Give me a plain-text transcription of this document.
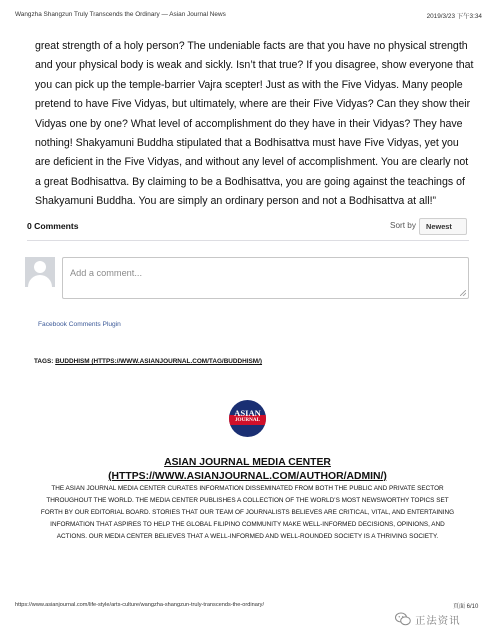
Wangzha Shangzun Truly Transcends the Ordinary — Asian Journal News	2019/3/23 下午3:34

great strength of a holy person? The undeniable facts are that you have no physical strength and your physical body is weak and sickly. Isn’t that true? If you disagree, show everyone that you can pick up the temple-barrier Vajra scepter! Just as with the Five Vidyas. Many people pretend to have Five Vidyas, but ultimately, where are their Five Vidyas? Can they show their Vidyas one by one? What level of accomplishment do they have in their Vidyas? They have nothing! Shakyamuni Buddha stipulated that a Bodhisattva must have Five Vidyas, yet you are deficient in the Five Vidyas, and without any level of accomplishment. You are clearly not a great Bodhisattva. By claiming to be a Bodhisattva, you are going against the teachings of Shakyamuni Buddha. You are simply an ordinary person and not a Bodhisattva at all!”

0 Comments	Sort by	Newest
Add a comment...
Facebook Comments Plugin
TAGS: BUDDHISM (HTTPS://WWW.ASIANJOURNAL.COM/TAG/BUDDHISM/)
ASIAN
JOURNAL
ASIAN JOURNAL MEDIA CENTER
(HTTPS://WWW.ASIANJOURNAL.COM/AUTHOR/ADMIN/)

THE ASIAN JOURNAL MEDIA CENTER CURATES INFORMATION DISSEMINATED FROM BOTH THE PUBLIC AND PRIVATE SECTOR THROUGHOUT THE WORLD. THE MEDIA CENTER PUBLISHES A COLLECTION OF THE WORLD’S MOST NEWSWORTHY TOPICS SET FORTH BY OUR EDITORIAL BOARD. STORIES THAT OUR TEAM OF JOURNALISTS BELIEVES ARE CRITICAL, VITAL, AND ENTERTAINING INFORMATION THAT ASPIRES TO HELP THE GLOBAL FILIPINO COMMUNITY MAKE WELL-INFORMED DECISIONS, OPINIONS, AND ACTIONS. OUR MEDIA CENTER BELIEVES THAT A WELL-INFORMED AND WELL-ROUNDED SOCIETY IS A THRIVING SOCIETY.

https://www.asianjournal.com/life-style/arts-culture/wangzha-shangzun-truly-transcends-the-ordinary/	頁面 6/10
正法资讯
